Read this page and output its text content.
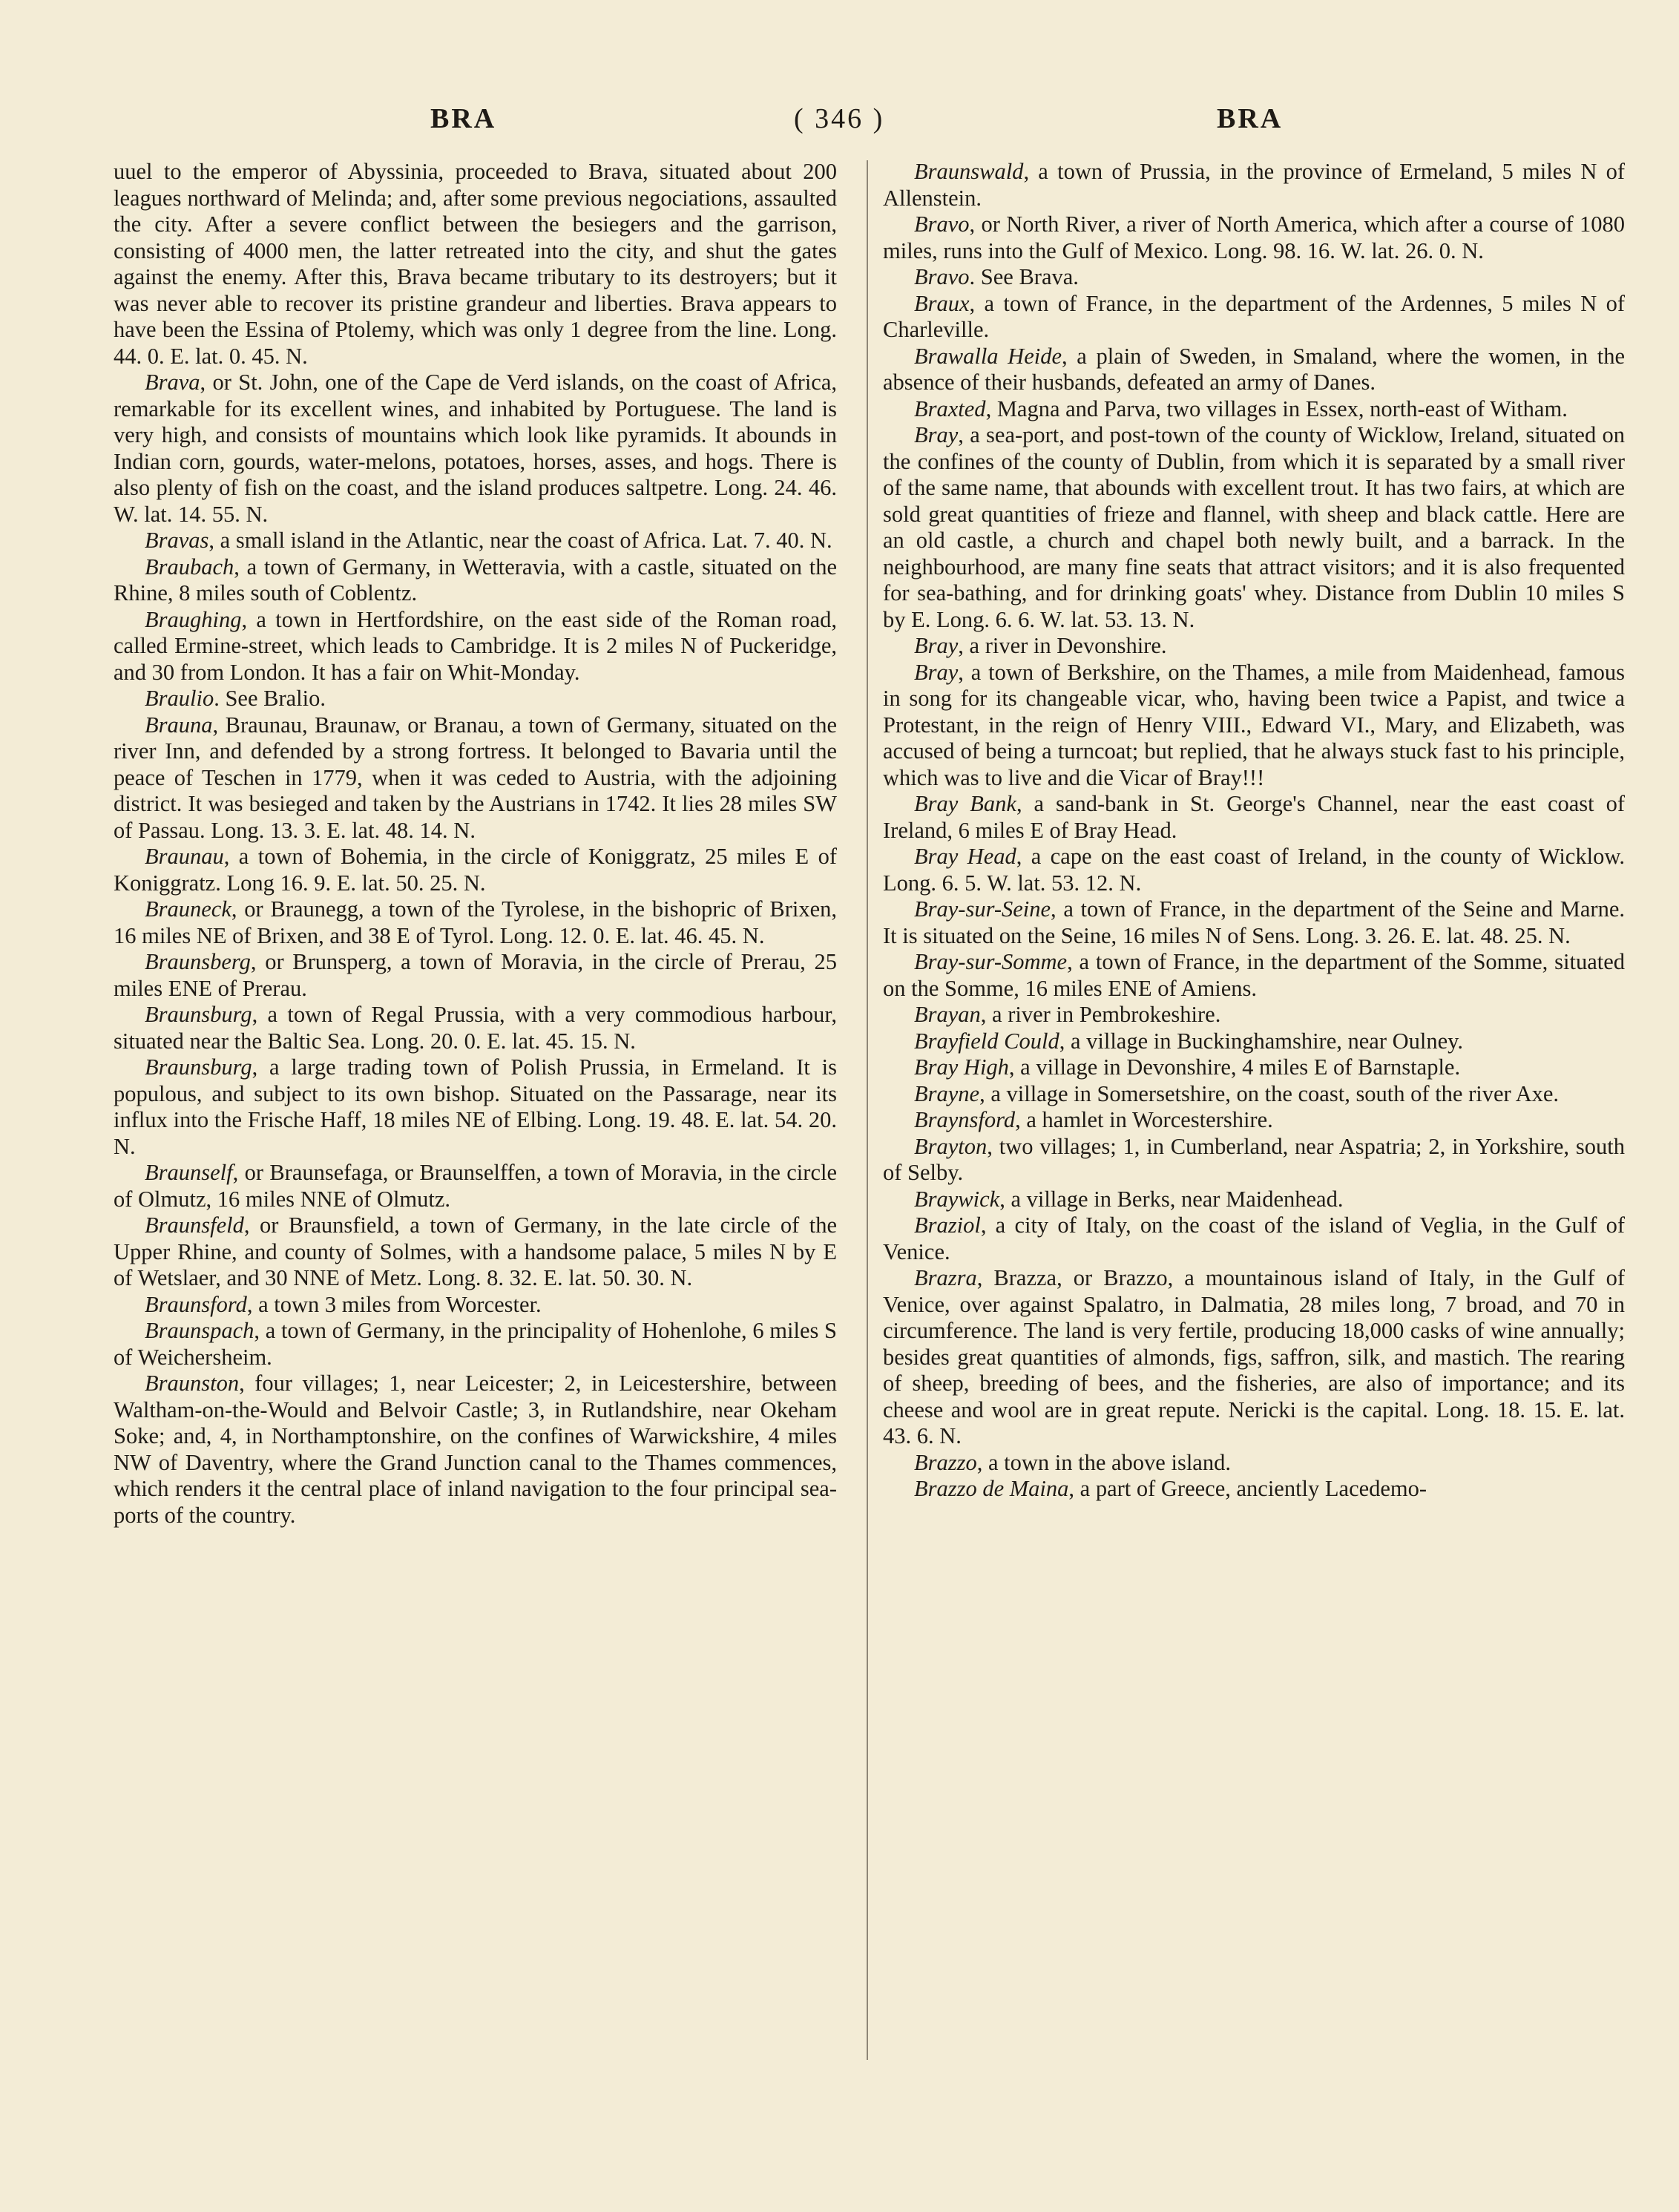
BRA	( 346 )	BRA

uuel to the emperor of Abyssinia, proceeded to Brava, situated about 200 leagues northward of Melinda; and, after some previous negociations, assaulted the city. After a severe conflict between the besiegers and the garrison, consisting of 4000 men, the latter retreated into the city, and shut the gates against the enemy. After this, Brava became tributary to its destroyers; but it was never able to recover its pristine grandeur and liberties. Brava appears to have been the Essina of Ptolemy, which was only 1 degree from the line. Long. 44. 0. E. lat. 0. 45. N.

Brava, or St. John, one of the Cape de Verd islands, on the coast of Africa, remarkable for its excellent wines, and inhabited by Portuguese. The land is very high, and consists of mountains which look like pyramids. It abounds in Indian corn, gourds, water-melons, potatoes, horses, asses, and hogs. There is also plenty of fish on the coast, and the island produces saltpetre. Long. 24. 46. W. lat. 14. 55. N.

Bravas, a small island in the Atlantic, near the coast of Africa. Lat. 7. 40. N.

Braubach, a town of Germany, in Wetteravia, with a castle, situated on the Rhine, 8 miles south of Coblentz.

Braughing, a town in Hertfordshire, on the east side of the Roman road, called Ermine-street, which leads to Cambridge. It is 2 miles N of Puckeridge, and 30 from London. It has a fair on Whit-Monday.

Braulio. See Bralio.

Brauna, Braunau, Braunaw, or Branau, a town of Germany, situated on the river Inn, and defended by a strong fortress. It belonged to Bavaria until the peace of Teschen in 1779, when it was ceded to Austria, with the adjoining district. It was besieged and taken by the Austrians in 1742. It lies 28 miles SW of Passau. Long. 13. 3. E. lat. 48. 14. N.

Braunau, a town of Bohemia, in the circle of Koniggratz, 25 miles E of Koniggratz. Long 16. 9. E. lat. 50. 25. N.

Brauneck, or Braunegg, a town of the Tyrolese, in the bishopric of Brixen, 16 miles NE of Brixen, and 38 E of Tyrol. Long. 12. 0. E. lat. 46. 45. N.

Braunsberg, or Brunsperg, a town of Moravia, in the circle of Prerau, 25 miles ENE of Prerau.

Braunsburg, a town of Regal Prussia, with a very commodious harbour, situated near the Baltic Sea. Long. 20. 0. E. lat. 45. 15. N.

Braunsburg, a large trading town of Polish Prussia, in Ermeland. It is populous, and subject to its own bishop. Situated on the Passarage, near its influx into the Frische Haff, 18 miles NE of Elbing. Long. 19. 48. E. lat. 54. 20. N.

Braunself, or Braunsefaga, or Braunselffen, a town of Moravia, in the circle of Olmutz, 16 miles NNE of Olmutz.

Braunsfeld, or Braunsfield, a town of Germany, in the late circle of the Upper Rhine, and county of Solmes, with a handsome palace, 5 miles N by E of Wetslaer, and 30 NNE of Metz. Long. 8. 32. E. lat. 50. 30. N.

Braunsford, a town 3 miles from Worcester.

Braunspach, a town of Germany, in the principality of Hohenlohe, 6 miles S of Weichersheim.

Braunston, four villages; 1, near Leicester; 2, in Leicestershire, between Waltham-on-the-Would and Belvoir Castle; 3, in Rutlandshire, near Okeham Soke; and, 4, in Northamptonshire, on the confines of Warwickshire, 4 miles NW of Daventry, where the Grand Junction canal to the Thames commences, which renders it the central place of inland navigation to the four principal sea-ports of the country.

Braunswald, a town of Prussia, in the province of Ermeland, 5 miles N of Allenstein.

Bravo, or North River, a river of North America, which after a course of 1080 miles, runs into the Gulf of Mexico. Long. 98. 16. W. lat. 26. 0. N.

Bravo. See Brava.

Braux, a town of France, in the department of the Ardennes, 5 miles N of Charleville.

Brawalla Heide, a plain of Sweden, in Smaland, where the women, in the absence of their husbands, defeated an army of Danes.

Braxted, Magna and Parva, two villages in Essex, north-east of Witham.

Bray, a sea-port, and post-town of the county of Wicklow, Ireland, situated on the confines of the county of Dublin, from which it is separated by a small river of the same name, that abounds with excellent trout. It has two fairs, at which are sold great quantities of frieze and flannel, with sheep and black cattle. Here are an old castle, a church and chapel both newly built, and a barrack. In the neighbourhood, are many fine seats that attract visitors; and it is also frequented for sea-bathing, and for drinking goats' whey. Distance from Dublin 10 miles S by E. Long. 6. 6. W. lat. 53. 13. N.

Bray, a river in Devonshire.

Bray, a town of Berkshire, on the Thames, a mile from Maidenhead, famous in song for its changeable vicar, who, having been twice a Papist, and twice a Protestant, in the reign of Henry VIII., Edward VI., Mary, and Elizabeth, was accused of being a turncoat; but replied, that he always stuck fast to his principle, which was to live and die Vicar of Bray!!!

Bray Bank, a sand-bank in St. George's Channel, near the east coast of Ireland, 6 miles E of Bray Head.

Bray Head, a cape on the east coast of Ireland, in the county of Wicklow. Long. 6. 5. W. lat. 53. 12. N.

Bray-sur-Seine, a town of France, in the department of the Seine and Marne. It is situated on the Seine, 16 miles N of Sens. Long. 3. 26. E. lat. 48. 25. N.

Bray-sur-Somme, a town of France, in the department of the Somme, situated on the Somme, 16 miles ENE of Amiens.

Brayan, a river in Pembrokeshire.

Brayfield Could, a village in Buckinghamshire, near Oulney.

Bray High, a village in Devonshire, 4 miles E of Barnstaple.

Brayne, a village in Somersetshire, on the coast, south of the river Axe.

Braynsford, a hamlet in Worcestershire.

Brayton, two villages; 1, in Cumberland, near Aspatria; 2, in Yorkshire, south of Selby.

Braywick, a village in Berks, near Maidenhead.

Braziol, a city of Italy, on the coast of the island of Veglia, in the Gulf of Venice.

Brazra, Brazza, or Brazzo, a mountainous island of Italy, in the Gulf of Venice, over against Spalatro, in Dalmatia, 28 miles long, 7 broad, and 70 in circumference. The land is very fertile, producing 18,000 casks of wine annually; besides great quantities of almonds, figs, saffron, silk, and mastich. The rearing of sheep, breeding of bees, and the fisheries, are also of importance; and its cheese and wool are in great repute. Nericki is the capital. Long. 18. 15. E. lat. 43. 6. N.

Brazzo, a town in the above island.

Brazzo de Maina, a part of Greece, anciently Lacedemo-
